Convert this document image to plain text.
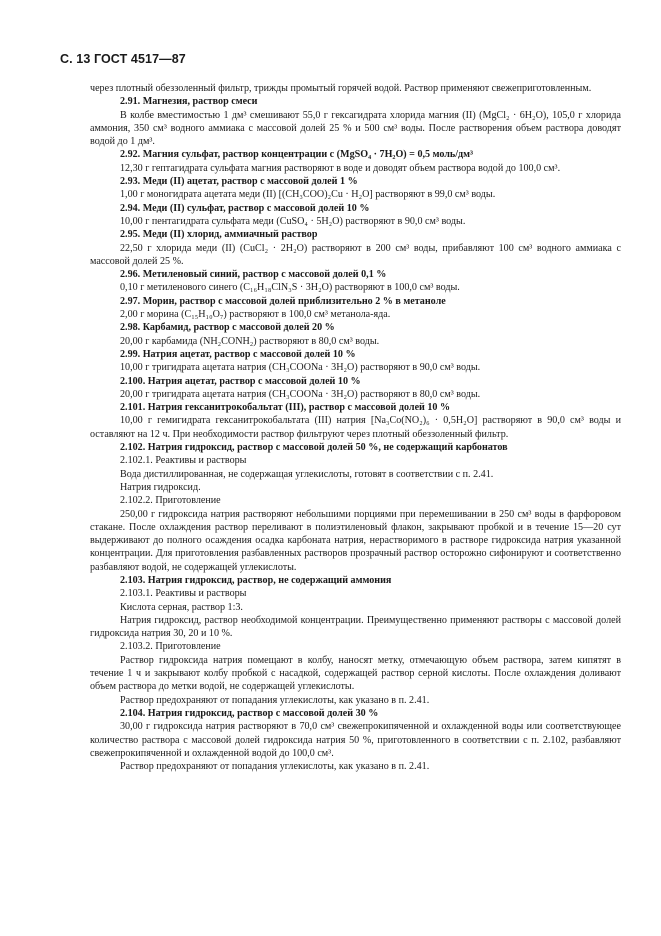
С. 13 ГОСТ 4517—87

через плотный обеззоленный фильтр, трижды промытый горячей водой. Раствор применяют свежеприготовленным.

2.91. Магнезия, раствор смеси

В колбе вместимостью 1 дм³ смешивают 55,0 г гексагидрата хлорида магния (II) (MgCl₂ · 6H₂O), 105,0 г хлорида аммония, 350 см³ водного аммиака с массовой долей 25 % и 500 см³ воды. После растворения объем раствора доводят водой до 1 дм³.

2.92. Магния сульфат, раствор концентрации c (MgSO₄ · 7H₂O) = 0,5 моль/дм³

12,30 г гептагидрата сульфата магния растворяют в воде и доводят объем раствора водой до 100,0 см³.

2.93. Меди (II) ацетат, раствор с массовой долей 1 %

1,00 г моногидрата ацетата меди (II) [(CH₃COO)₂Cu · H₂O] растворяют в 99,0 см³ воды.

2.94. Меди (II) сульфат, раствор с массовой долей 10 %

10,00 г пентагидрата сульфата меди (CuSO₄ · 5H₂O) растворяют в 90,0 см³ воды.

2.95. Меди (II) хлорид, аммиачный раствор

22,50 г хлорида меди (II) (CuCl₂ · 2H₂O) растворяют в 200 см³ воды, прибавляют 100 см³ водного аммиака с массовой долей 25 %.

2.96. Метиленовый синий, раствор с массовой долей 0,1 %

0,10 г метиленового синего (C₁₆H₁₈ClN₃S · 3H₂O) растворяют в 100,0 см³ воды.

2.97. Морин, раствор с массовой долей приблизительно 2 % в метаноле

2,00 г морина (C₁₅H₁₀O₇) растворяют в 100,0 см³ метанола-яда.

2.98. Карбамид, раствор с массовой долей 20 %

20,00 г карбамида (NH₂CONH₂) растворяют в 80,0 см³ воды.

2.99. Натрия ацетат, раствор с массовой долей 10 %

10,00 г тригидрата ацетата натрия (CH₃COONa · 3H₂O) растворяют в 90,0 см³ воды.

2.100. Натрия ацетат, раствор с массовой долей 10 %

20,00 г тригидрата ацетата натрия (CH₃COONa · 3H₂O) растворяют в 80,0 см³ воды.

2.101. Натрия гексанитрокобальтат (III), раствор с массовой долей 10 %

10,00 г гемигидрата гексанитрокобальтата (III) натрия [Na₃Co(NO₂)₆ · 0,5H₂O] растворяют в 90,0 см³ воды и оставляют на 12 ч. При необходимости раствор фильтруют через плотный обеззоленный фильтр.

2.102. Натрия гидроксид, раствор с массовой долей 50 %, не содержащий карбонатов

2.102.1. Реактивы и растворы

Вода дистиллированная, не содержащая углекислоты, готовят в соответствии с п. 2.41.

Натрия гидроксид.

2.102.2. Приготовление

250,00 г гидроксида натрия растворяют небольшими порциями при перемешивании в 250 см³ воды в фарфоровом стакане. После охлаждения раствор переливают в полиэтиленовый флакон, закрывают пробкой и в течение 15—20 сут выдерживают до полного осаждения осадка карбоната натрия, нерастворимого в растворе гидроксида натрия указанной концентрации. Для приготовления разбавленных растворов прозрачный раствор осторожно сифонируют и соответственно разбавляют водой, не содержащей углекислоты.

2.103. Натрия гидроксид, раствор, не содержащий аммония

2.103.1. Реактивы и растворы

Кислота серная, раствор 1:3.

Натрия гидроксид, раствор необходимой концентрации. Преимущественно применяют растворы с массовой долей гидроксида натрия 30, 20 и 10 %.

2.103.2. Приготовление

Раствор гидроксида натрия помещают в колбу, наносят метку, отмечающую объем раствора, затем кипятят в течение 1 ч и закрывают колбу пробкой с насадкой, содержащей раствор серной кислоты. После охлаждения доливают объем раствора до метки водой, не содержащей углекислоты.

Раствор предохраняют от попадания углекислоты, как указано в п. 2.41.

2.104. Натрия гидроксид, раствор с массовой долей 30 %

30,00 г гидроксида натрия растворяют в 70,0 см³ свежепрокипяченной и охлажденной воды или соответствующее количество раствора с массовой долей гидроксида натрия 50 %, приготовленного в соответствии с п. 2.102, разбавляют свежепрокипяченной и охлажденной водой до 100,0 см³.

Раствор предохраняют от попадания углекислоты, как указано в п. 2.41.
